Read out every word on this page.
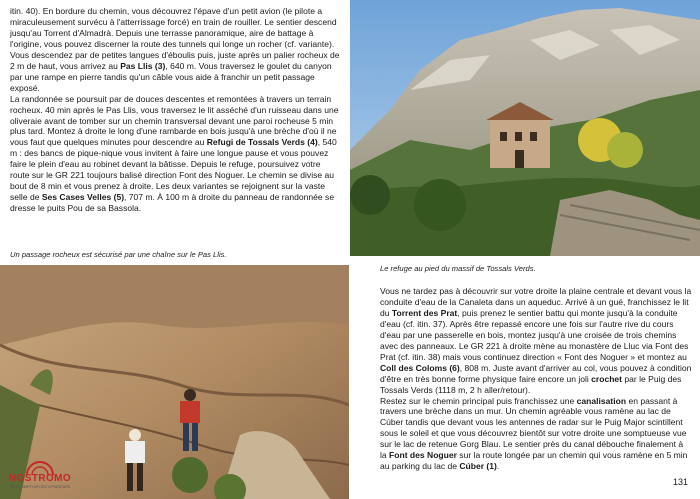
itin. 40). En bordure du chemin, vous découvrez l'épave d'un petit avion (le pilote a miraculeusement survécu à l'atterrissage forcé) en train de rouiller. Le sentier descend jusqu'au Torrent d'Almadrà. Depuis une terrasse panoramique, aire de battage à l'origine, vous pouvez discerner la route des tunnels qui longe un rocher (cf. variante). Vous descendez par de petites langues d'éboulis puis, juste après un palier rocheux de 2 m de haut, vous arrivez au Pas Llis (3), 640 m. Vous traversez le goulet du canyon par une rampe en pierre tandis qu'un câble vous aide à franchir un petit passage exposé.
La randonnée se poursuit par de douces descentes et remontées à travers un terrain rocheux. 40 min après le Pas Llis, vous traversez le lit asséché d'un ruisseau dans une oliveraie avant de tomber sur un chemin transversal devant une paroi rocheuse 5 min plus tard. Montez à droite le long d'une rambarde en bois jusqu'à une brèche d'où il ne vous faut que quelques minutes pour descendre au Refugi de Tossals Verds (4), 540 m : des bancs de pique-nique vous invitent à faire une longue pause et vous pouvez faire le plein d'eau au robinet devant la bâtisse. Depuis le refuge, poursuivez votre route sur le GR 221 toujours balisé direction Font des Noguer. Le chemin se divise au bout de 8 min et vous prenez à droite. Les deux variantes se rejoignent sur la vaste selle de Ses Cases Velles (5), 707 m. À 100 m à droite du panneau de randonnée se dresse le puits Pou de sa Bassola.
Un passage rocheux est sécurisé par une chaîne sur le Pas Llis.
Le refuge au pied du massif de Tossals Verds.
NOSTROMO
WEB COMPTOIR DES VOYAGEURS
Vous ne tardez pas à découvrir sur votre droite la plaine centrale et devant vous la conduite d'eau de la Canaleta dans un aqueduc. Arrivé à un gué, franchissez le lit du Torrent des Prat, puis prenez le sentier battu qui monte jusqu'à la conduite d'eau (cf. itin. 37). Après être repassé encore une fois sur l'autre rive du cours d'eau par une passerelle en bois, montez jusqu'à une croisée de trois chemins avec des panneaux. Le GR 221 à droite mène au monastère de Lluc via Font des Prat (cf. itin. 38) mais vous continuez direction « Font des Noguer » et montez au Coll des Coloms (6), 808 m. Juste avant d'arriver au col, vous pouvez à condition d'être en très bonne forme physique faire encore un joli crochet par le Puig des Tossals Verds (1118 m, 2 h aller/retour).
Restez sur le chemin principal puis franchissez une canalisation en passant à travers une brèche dans un mur. Un chemin agréable vous ramène au lac de Cúber tandis que devant vous les antennes de radar sur le Puig Major scintillent sous le soleil et que vous découvrez bientôt sur votre droite une somptueuse vue sur le lac de retenue Gorg Blau. Le sentier près du canal débouche finalement à la Font des Noguer sur la route longée par un chemin qui vous ramène en 5 min au parking du lac de Cúber (1).
131
